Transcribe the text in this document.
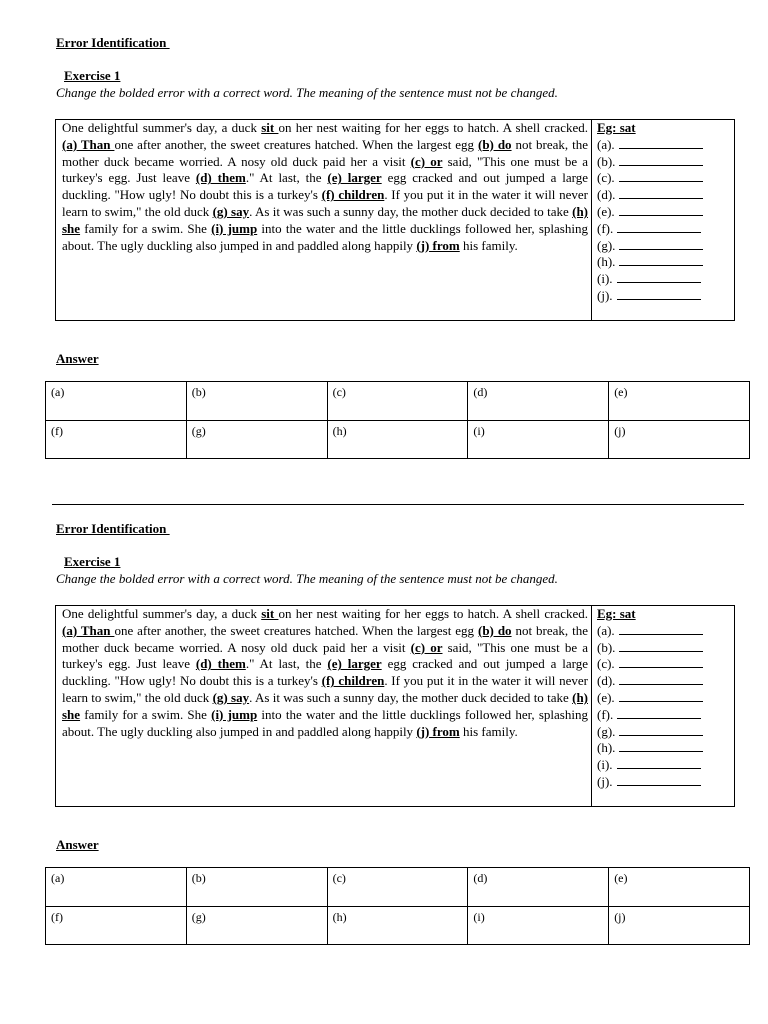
Error Identification
Exercise 1
Change the bolded error with a correct word. The meaning of the sentence must not be changed.
One delightful summer's day, a duck sit on her nest waiting for her eggs to hatch. A shell cracked. (a) Than one after another, the sweet creatures hatched. When the largest egg (b) do not break, the mother duck became worried. A nosy old duck paid her a visit (c) or said, "This one must be a turkey's egg. Just leave (d) them." At last, the (e) larger egg cracked and out jumped a large duckling. "How ugly! No doubt this is a turkey's (f) children. If you put it in the water it will never learn to swim," the old duck (g) say. As it was such a sunny day, the mother duck decided to take (h) she family for a swim. She (i) jump into the water and the little ducklings followed her, splashing about. The ugly duckling also jumped in and paddled along happily (j) from his family.
Eg: sat
(a).
(b).
(c).
(d).
(e).
(f).
(g).
(h).
(i).
(j).
Answer
(a)	(b)	(c)	(d)	(e)
(f)	(g)	(h)	(i)	(j)
Error Identification
Exercise 1
Change the bolded error with a correct word. The meaning of the sentence must not be changed.
One delightful summer's day, a duck sit on her nest waiting for her eggs to hatch. A shell cracked. (a) Than one after another, the sweet creatures hatched. When the largest egg (b) do not break, the mother duck became worried. A nosy old duck paid her a visit (c) or said, "This one must be a turkey's egg. Just leave (d) them." At last, the (e) larger egg cracked and out jumped a large duckling. "How ugly! No doubt this is a turkey's (f) children. If you put it in the water it will never learn to swim," the old duck (g) say. As it was such a sunny day, the mother duck decided to take (h) she family for a swim. She (i) jump into the water and the little ducklings followed her, splashing about. The ugly duckling also jumped in and paddled along happily (j) from his family.
Eg: sat
(a).
(b).
(c).
(d).
(e).
(f).
(g).
(h).
(i).
(j).
Answer
(a)	(b)	(c)	(d)	(e)
(f)	(g)	(h)	(i)	(j)
